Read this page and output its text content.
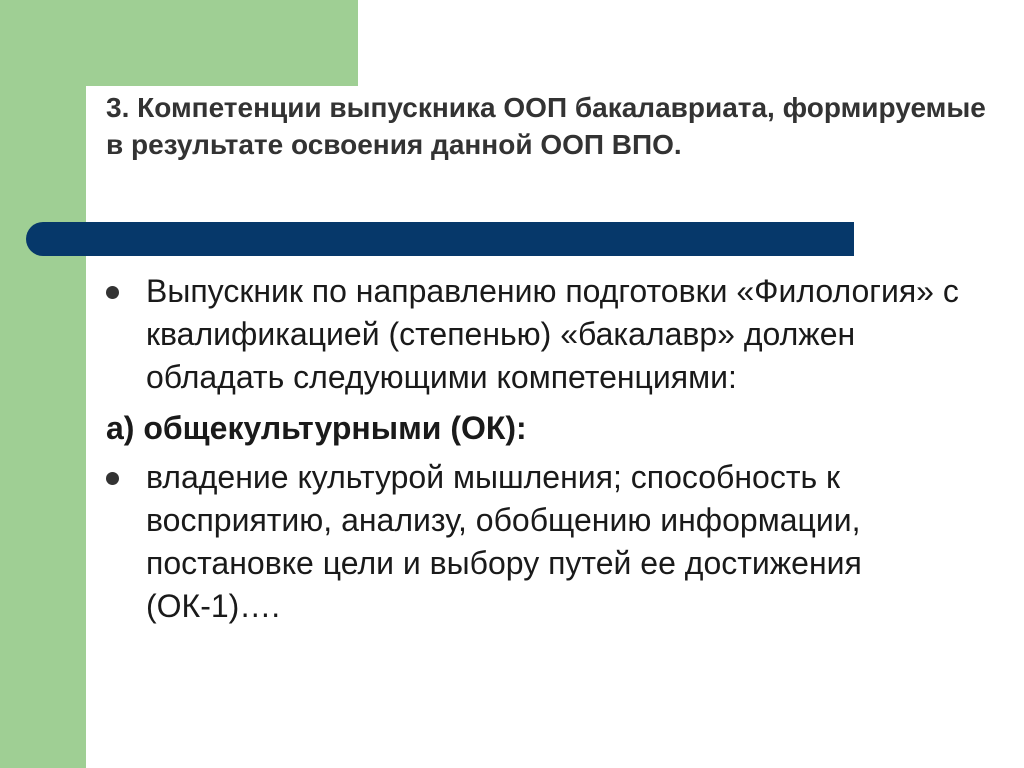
3. Компетенции выпускника ООП бакалавриата, формируемые в результате освоения данной ООП ВПО.
Выпускник по направлению подготовки «Филология» с квалификацией (степенью) «бакалавр» должен обладать следующими компетенциями:
а) общекультурными (ОК):
владение культурой мышления; способность к восприятию, анализу, обобщению информации, постановке цели и выбору путей ее достижения (ОК-1)….
